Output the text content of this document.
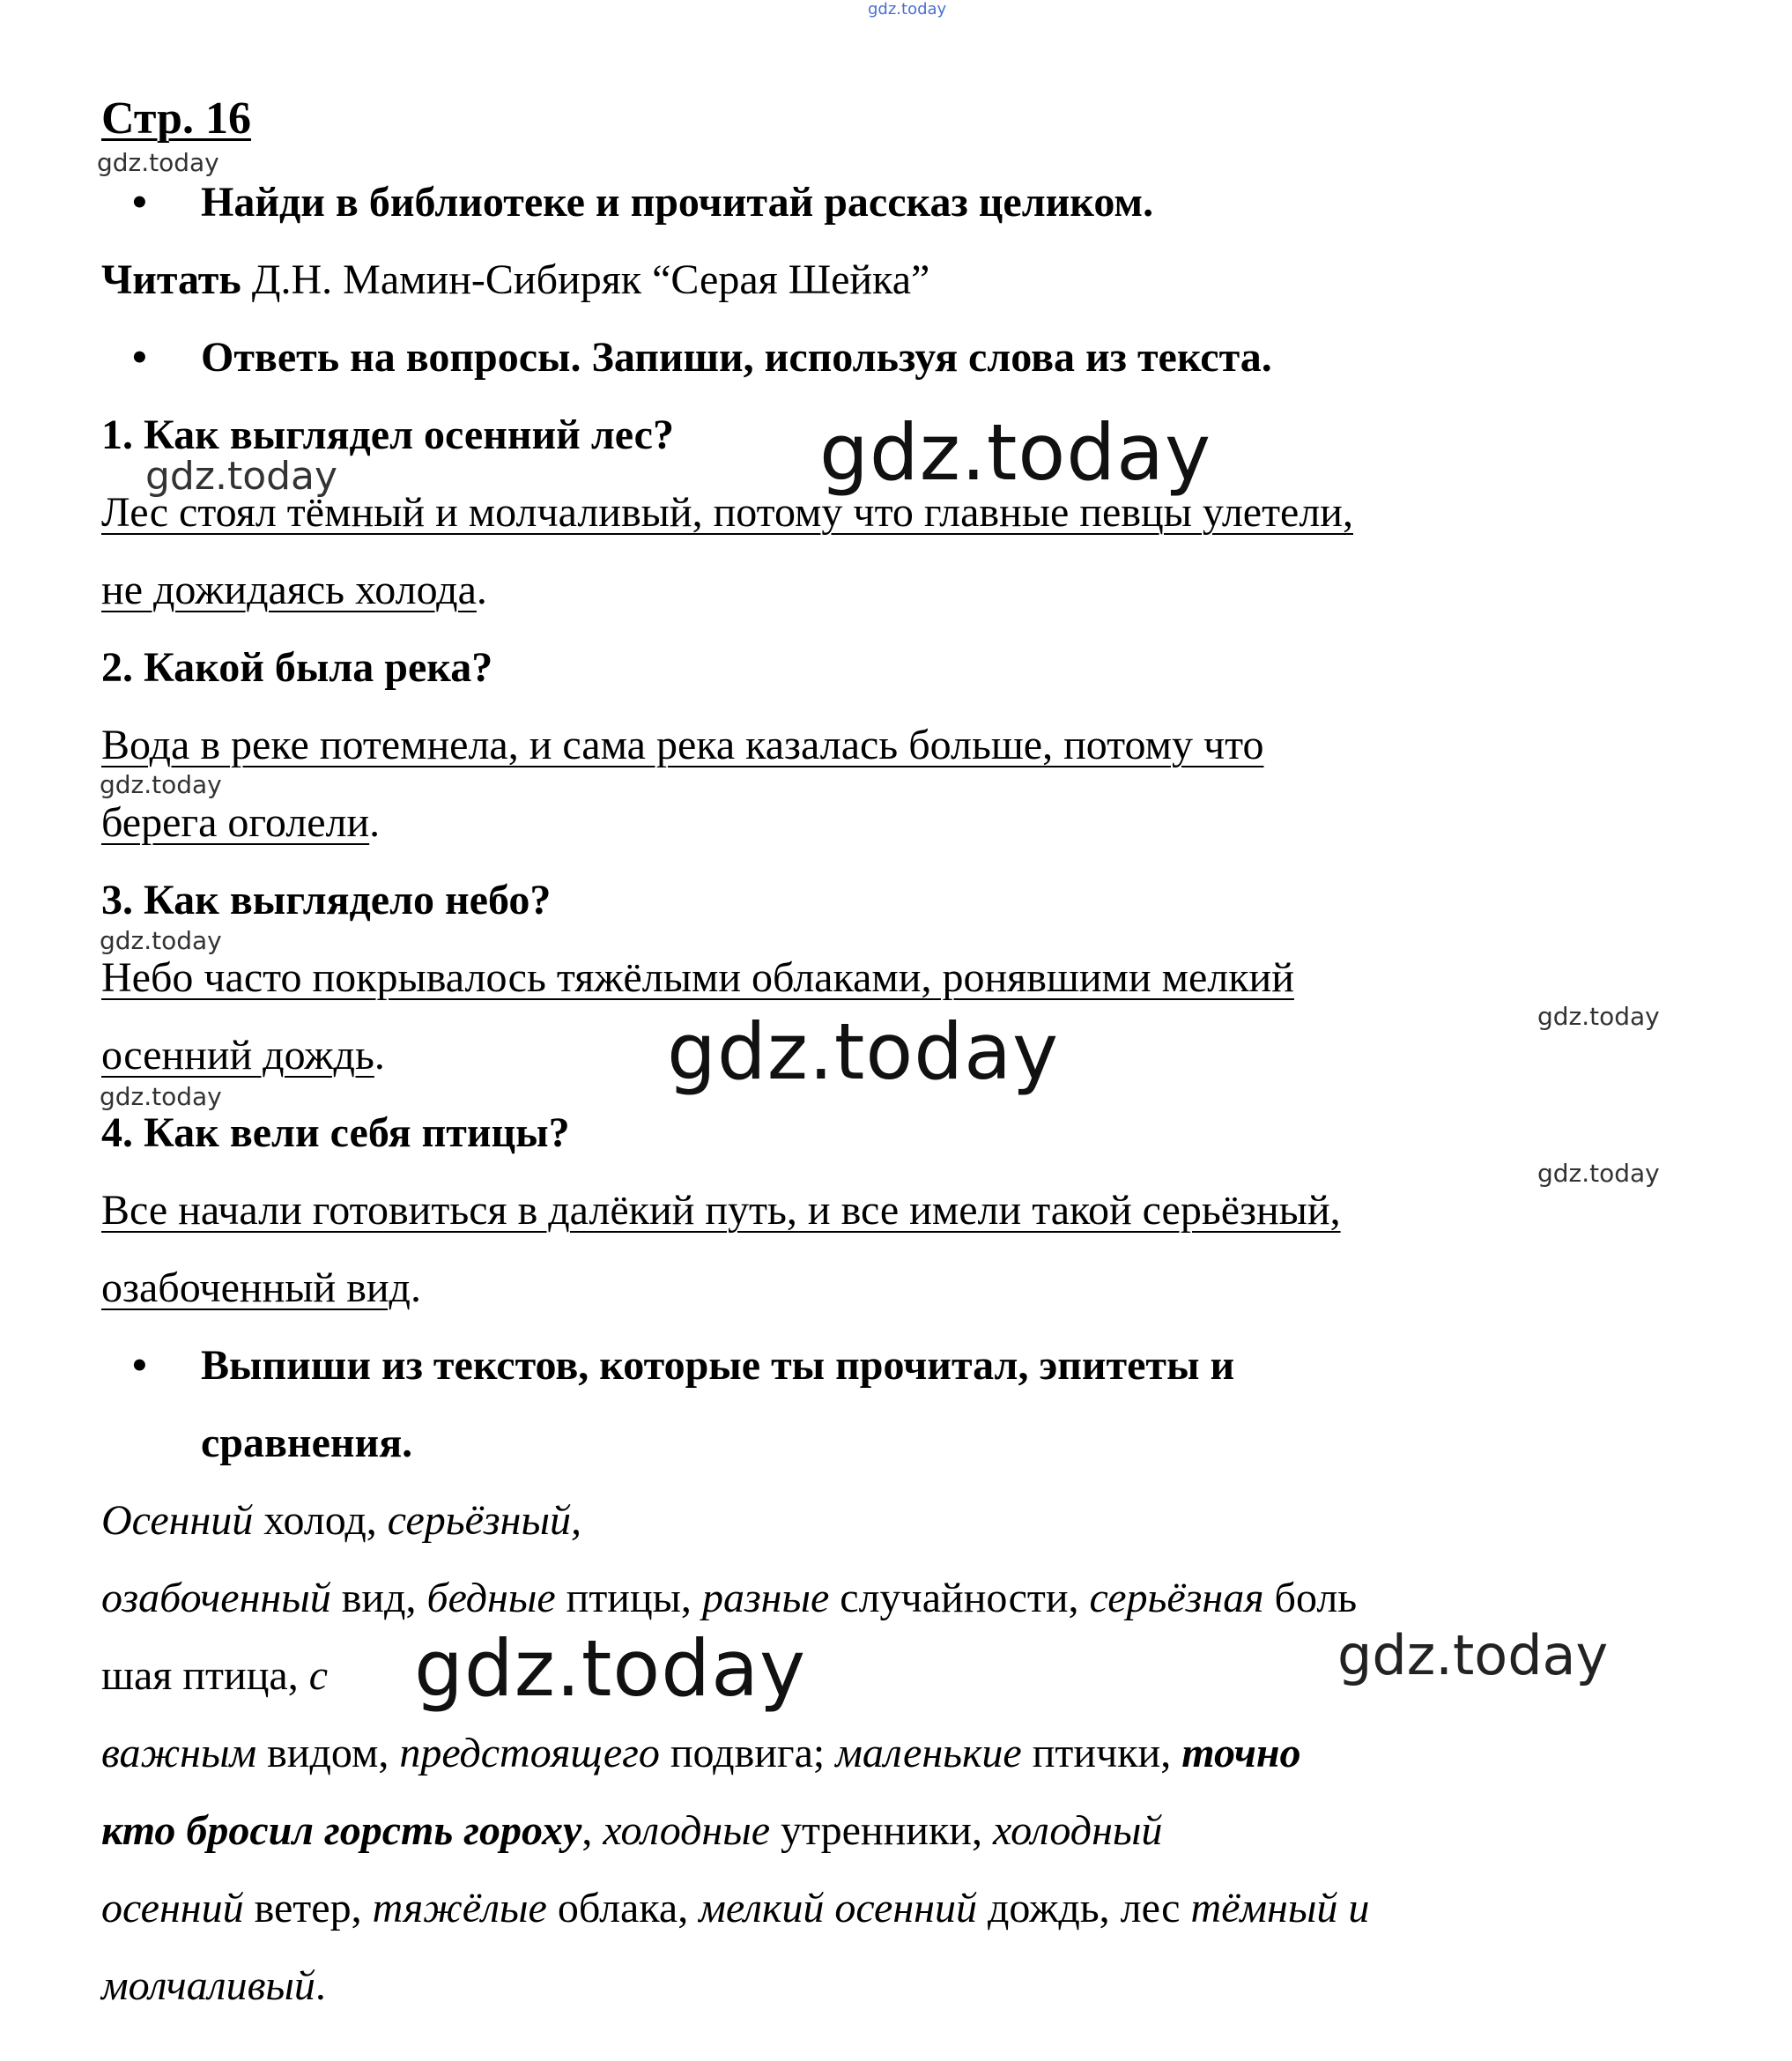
gdz.today
gdz.today
gdz.today
gdz.today
gdz.today
gdz.today
gdz.today
gdz.today
gdz.today
gdz.today
gdz.today	gdz.today
Стр. 16
• Найди в библиотеке и прочитай рассказ целиком.
Читать Д.Н. Мамин-Сибиряк “Серая Шейка”
• Ответь на вопросы. Запиши, используя слова из текста.
1. Как выглядел осенний лес?
Лес стоял тёмный и молчаливый, потому что главные певцы улетели,
не дожидаясь холода.
2. Какой была река?
Вода в реке потемнела, и сама река казалась больше, потому что
берега оголели.
3. Как выглядело небо?
Небо часто покрывалось тяжёлыми облаками, ронявшими мелкий
осенний дождь.
4. Как вели себя птицы?
Все начали готовиться в далёкий путь, и все имели такой серьёзный,
озабоченный вид.
• Выпиши из текстов, которые ты прочитал, эпитеты и
сравнения.
Осенний холод, серьёзный,
озабоченный вид, бедные птицы, разные случайности, серьёзная боль
шая птица, с
важным видом, предстоящего подвига; маленькие птички, точно
кто бросил горсть гороху, холодные утренники, холодный
осенний ветер, тяжёлые облака, мелкий осенний дождь, лес тёмный и
молчаливый.
